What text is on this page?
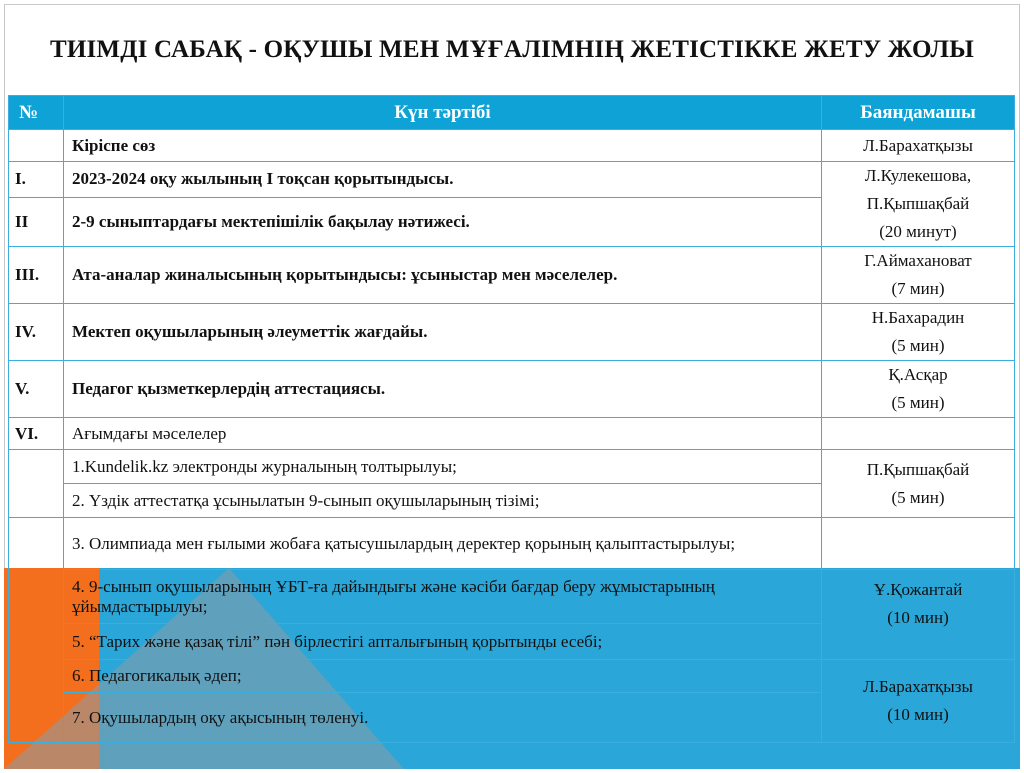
ТИІМДІ САБАҚ - ОҚУШЫ МЕН МҰҒАЛІМНІҢ ЖЕТІСТІККЕ ЖЕТУ ЖОЛЫ
№	Күн тәртібі	Баяндамашы
	Кіріспе сөз	Л.Барахатқызы

I.	2023-2024 оқу жылының І тоқсан қорытындысы.	Л.Кулекешова,
П.Қыпшақбай
(20 минут)

II	2-9 сыныптардағы мектепішілік бақылау нәтижесі.	
III.	Ата-аналар жиналысының қорытындысы: ұсыныстар мен мәселелер.	Г.Аймахановат
(7 мин)

IV.	Мектеп оқушыларының әлеуметтік жағдайы.	Н.Бахарадин
(5 мин)

V.	Педагог қызметкерлердің аттестациясы.	Қ.Асқар
(5 мин)

VI.	Ағымдағы мәселелер	
	1.Kundelik.kz электронды журналының толтырылуы;	П.Қыпшақбай
(5 мин)

	2. Үздік аттестатқа ұсынылатын 9-сынып оқушыларының тізімі;	
	3. Олимпиада мен ғылыми жобаға қатысушылардың деректер қорының қалыптастырылуы;	
	4. 9-сынып оқушыларының ҰБТ-ға дайындығы және кәсіби бағдар беру жұмыстарының ұйымдастырылуы;	Ұ.Қожантай
(10 мин)

	5. “Тарих және қазақ тілі” пән бірлестігі апталығының қорытынды есебі;	
	6. Педагогикалық әдеп;	Л.Барахатқызы
(10 мин)

	7. Оқушылардың оқу ақысының төленуі.	
